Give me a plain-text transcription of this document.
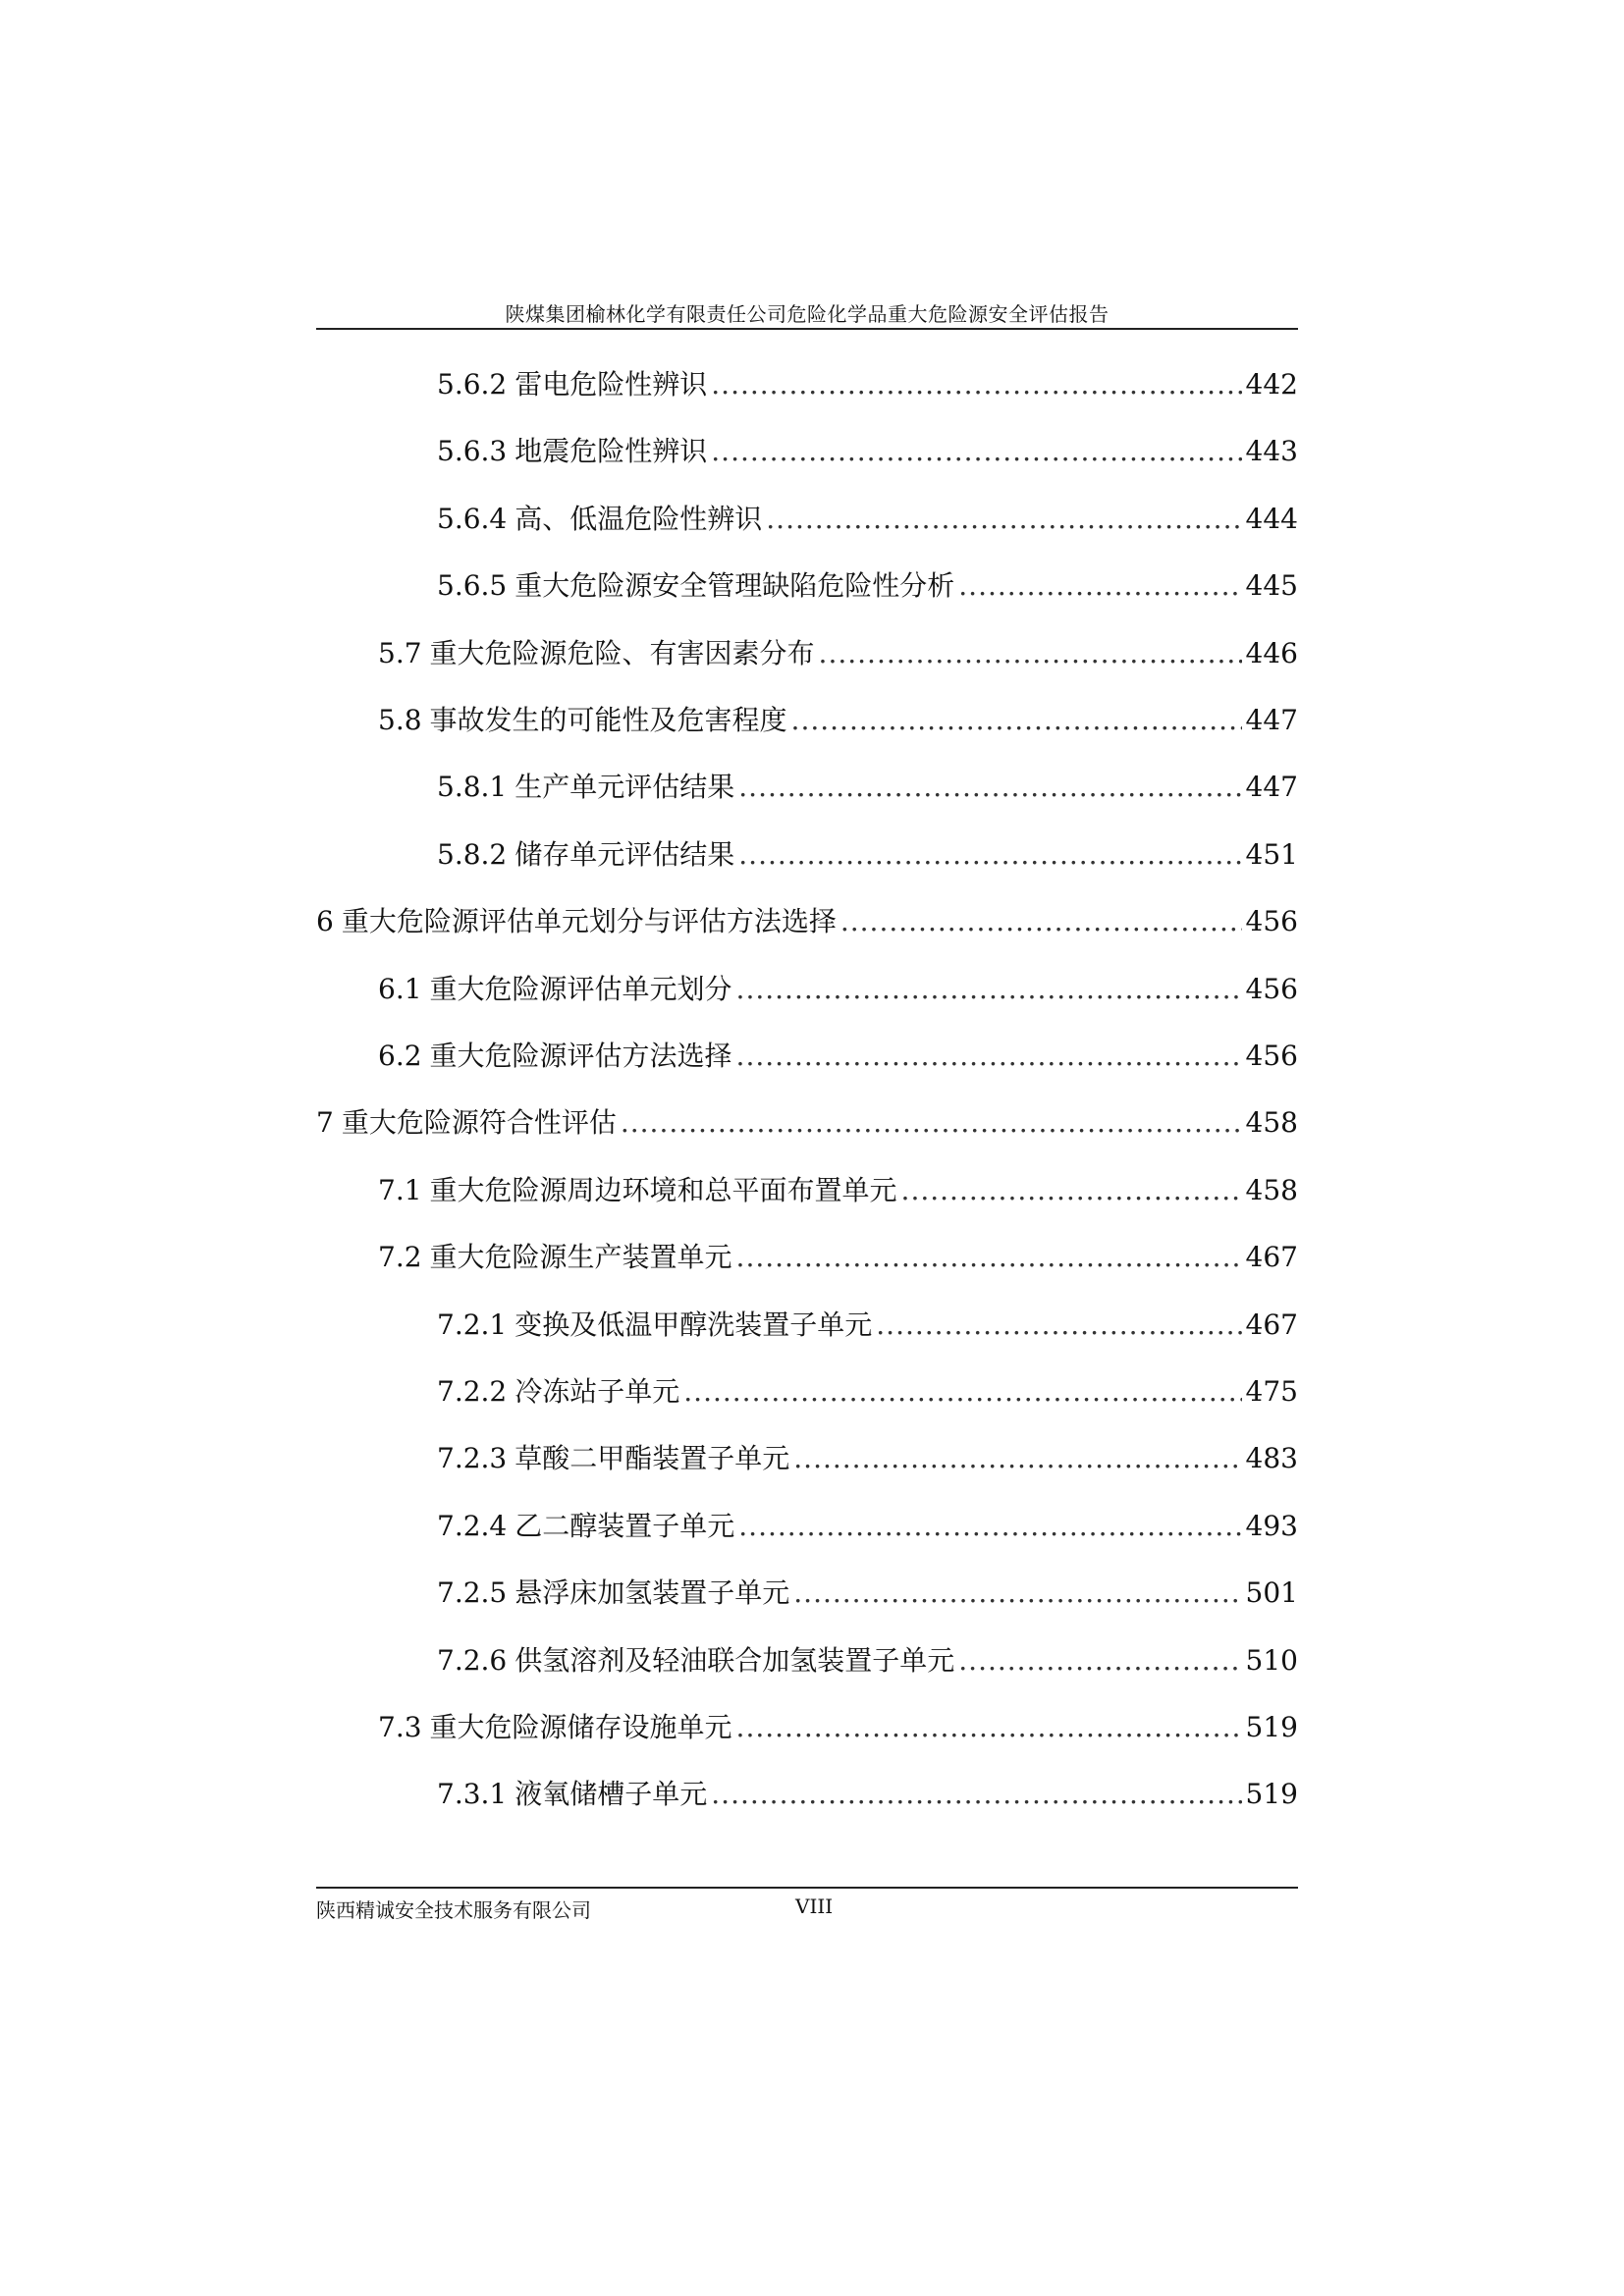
陕煤集团榆林化学有限责任公司危险化学品重大危险源安全评估报告
5.6.2 雷电危险性辨识 .....	442
5.6.3 地震危险性辨识 .....	443
5.6.4 高、低温危险性辨识 .....	444
5.6.5 重大危险源安全管理缺陷危险性分析 .....	445
5.7 重大危险源危险、有害因素分布 .....	446
5.8 事故发生的可能性及危害程度 .....	447
5.8.1 生产单元评估结果 .....	447
5.8.2 储存单元评估结果 .....	451
6 重大危险源评估单元划分与评估方法选择 .....	456
6.1 重大危险源评估单元划分 .....	456
6.2 重大危险源评估方法选择 .....	456
7 重大危险源符合性评估 .....	458
7.1 重大危险源周边环境和总平面布置单元 .....	458
7.2 重大危险源生产装置单元 .....	467
7.2.1 变换及低温甲醇洗装置子单元 .....	467
7.2.2 冷冻站子单元 .....	475
7.2.3 草酸二甲酯装置子单元 .....	483
7.2.4 乙二醇装置子单元 .....	493
7.2.5 悬浮床加氢装置子单元 .....	501
7.2.6 供氢溶剂及轻油联合加氢装置子单元 .....	510
7.3 重大危险源储存设施单元 .....	519
7.3.1 液氧储槽子单元 .....	519
陕西精诚安全技术服务有限公司	VIII
